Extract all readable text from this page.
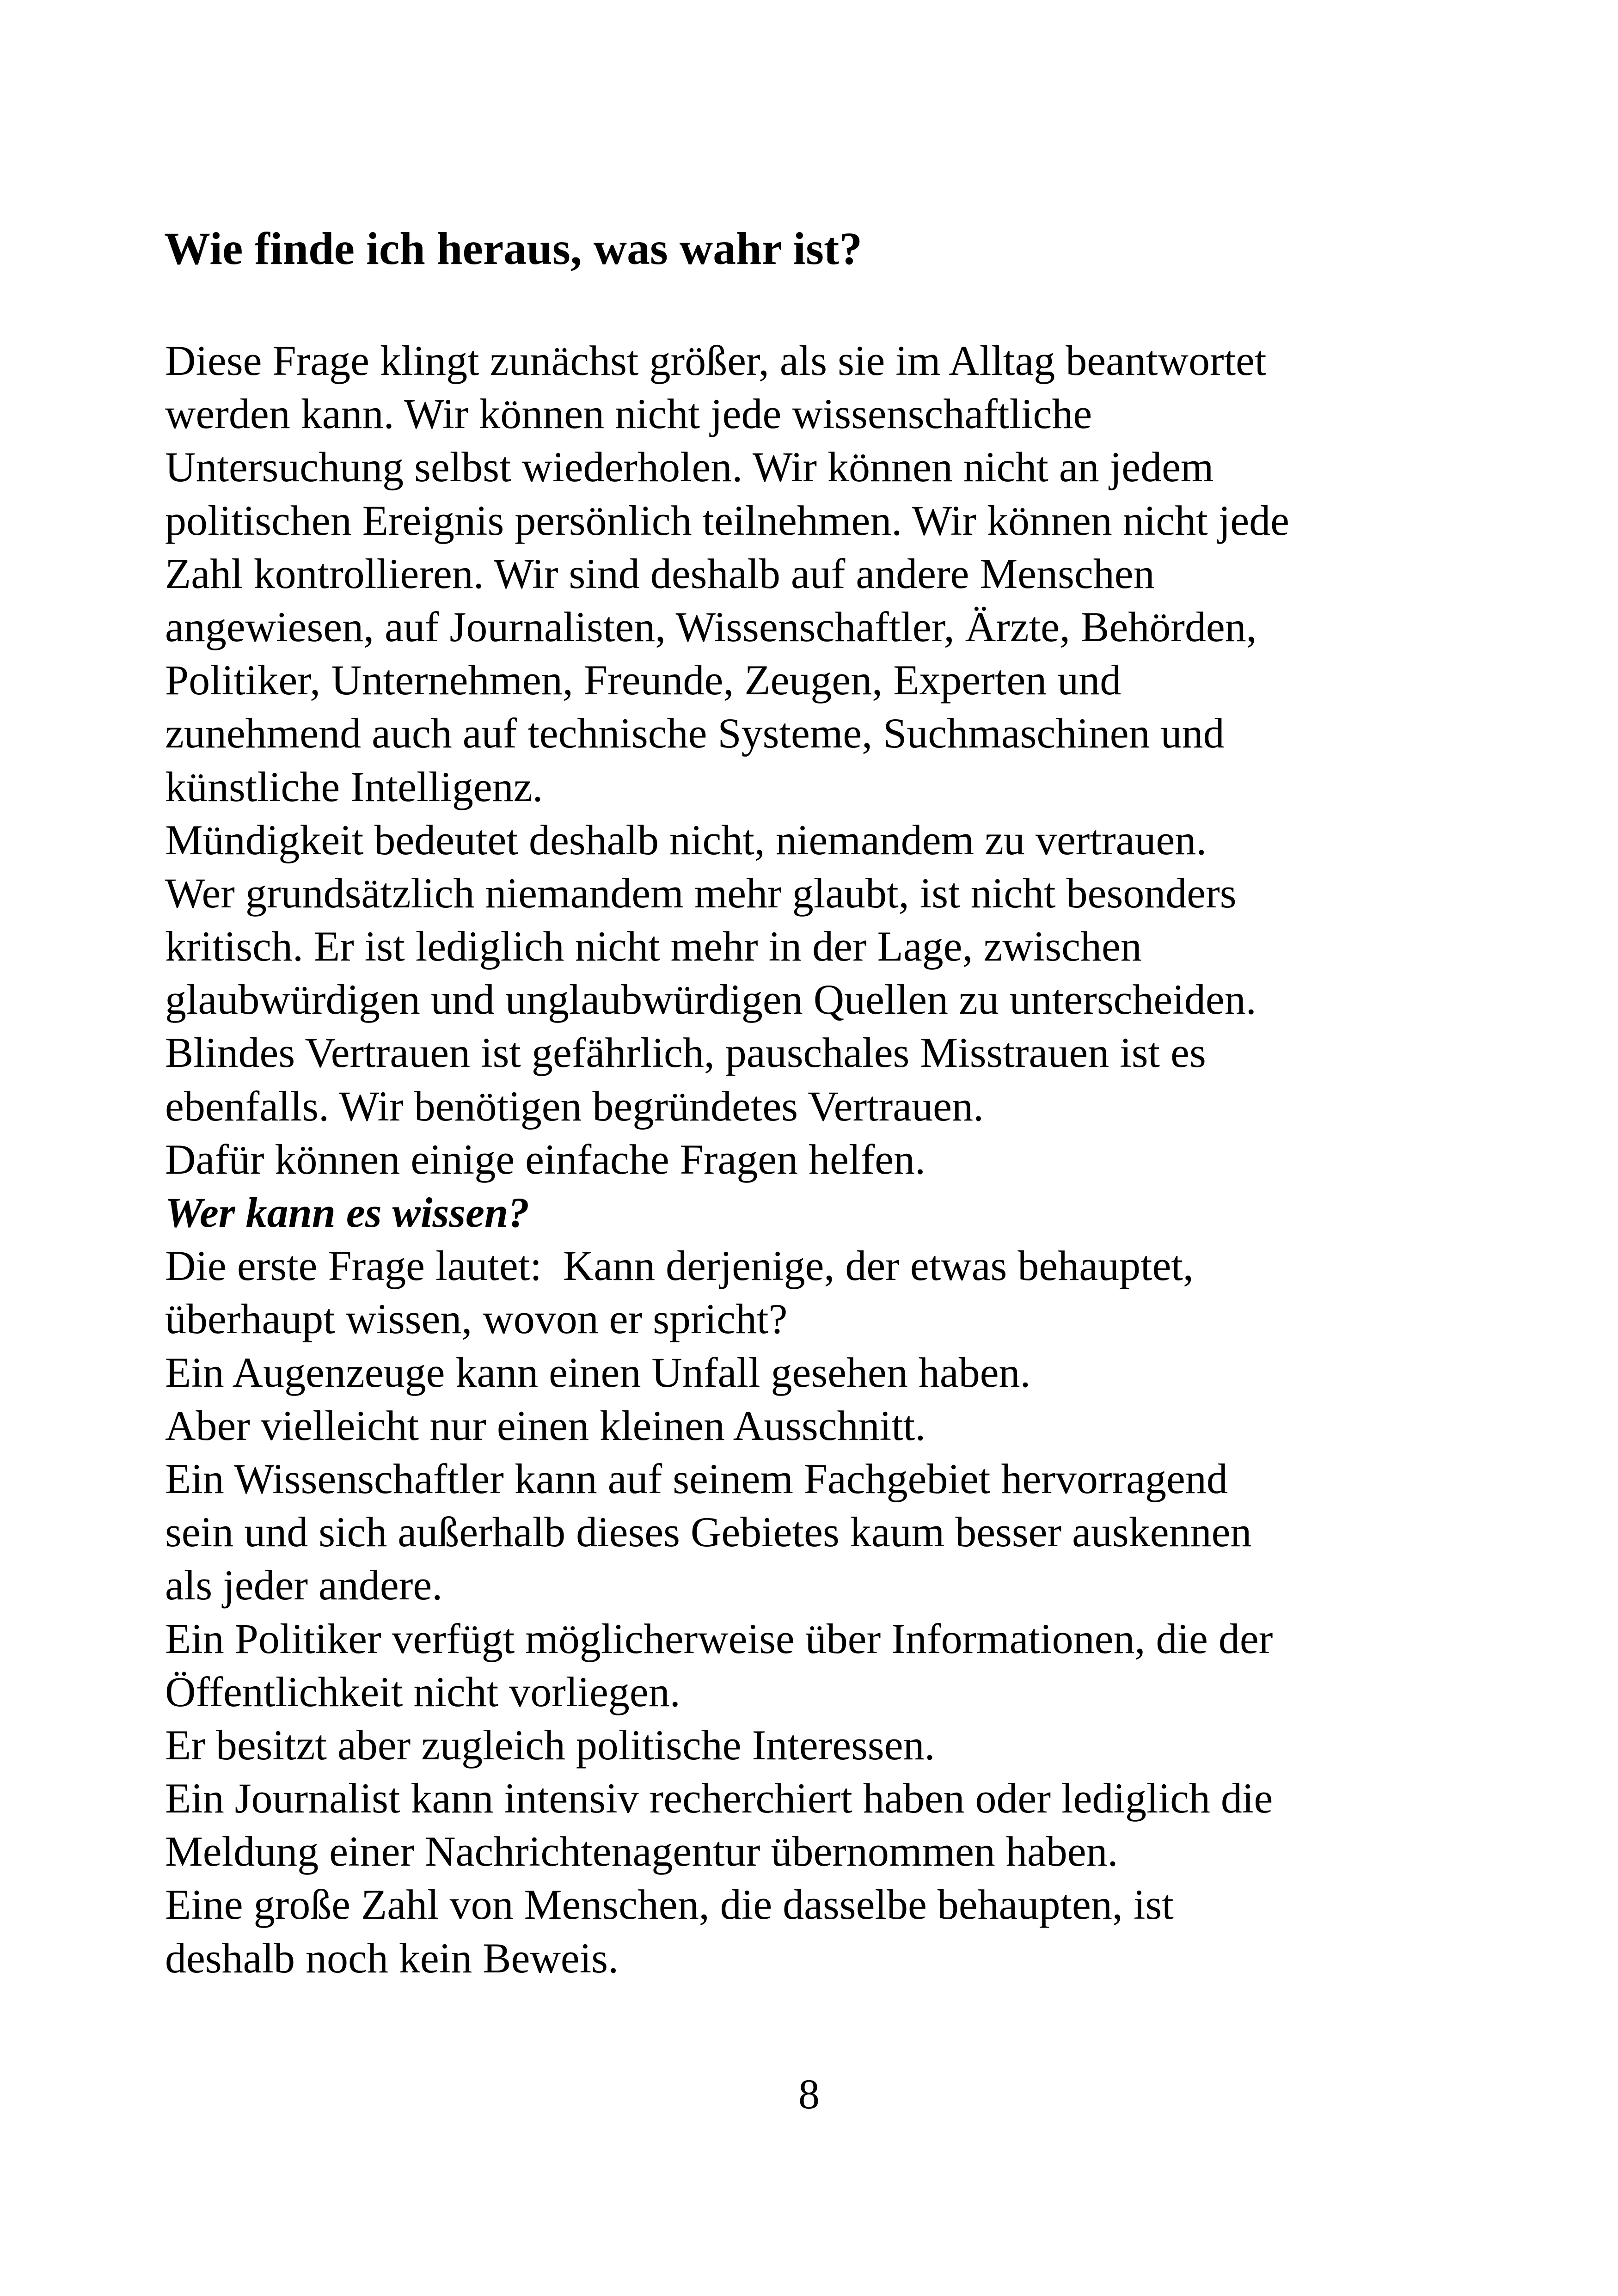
Wie finde ich heraus, was wahr ist?
Diese Frage klingt zunächst größer, als sie im Alltag beantwortet
werden kann. Wir können nicht jede wissenschaftliche
Untersuchung selbst wiederholen. Wir können nicht an jedem
politischen Ereignis persönlich teilnehmen. Wir können nicht jede
Zahl kontrollieren. Wir sind deshalb auf andere Menschen
angewiesen, auf Journalisten, Wissenschaftler, Ärzte, Behörden,
Politiker, Unternehmen, Freunde, Zeugen, Experten und
zunehmend auch auf technische Systeme, Suchmaschinen und
künstliche Intelligenz.
Mündigkeit bedeutet deshalb nicht, niemandem zu vertrauen.
Wer grundsätzlich niemandem mehr glaubt, ist nicht besonders
kritisch. Er ist lediglich nicht mehr in der Lage, zwischen
glaubwürdigen und unglaubwürdigen Quellen zu unterscheiden.
Blindes Vertrauen ist gefährlich, pauschales Misstrauen ist es
ebenfalls. Wir benötigen begründetes Vertrauen.
Dafür können einige einfache Fragen helfen.
Wer kann es wissen?
Die erste Frage lautet:  Kann derjenige, der etwas behauptet,
überhaupt wissen, wovon er spricht?
Ein Augenzeuge kann einen Unfall gesehen haben.
Aber vielleicht nur einen kleinen Ausschnitt.
Ein Wissenschaftler kann auf seinem Fachgebiet hervorragend
sein und sich außerhalb dieses Gebietes kaum besser auskennen
als jeder andere.
Ein Politiker verfügt möglicherweise über Informationen, die der
Öffentlichkeit nicht vorliegen.
Er besitzt aber zugleich politische Interessen.
Ein Journalist kann intensiv recherchiert haben oder lediglich die
Meldung einer Nachrichtenagentur übernommen haben.
Eine große Zahl von Menschen, die dasselbe behaupten, ist
deshalb noch kein Beweis.
8
